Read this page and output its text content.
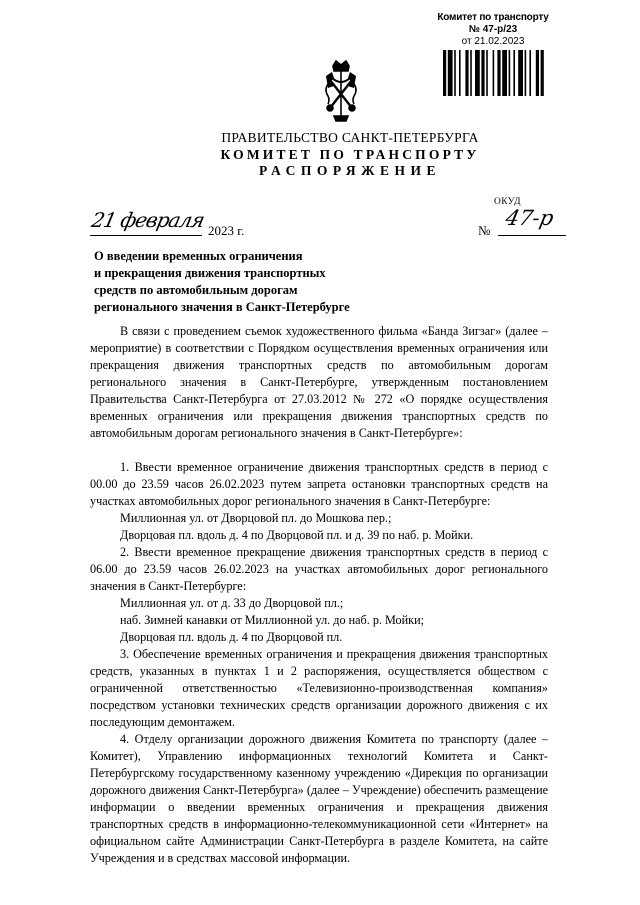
Комитет по транспорту
№ 47-р/23
от 21.02.2023
ПРАВИТЕЛЬСТВО САНКТ-ПЕТЕРБУРГА
КОМИТЕТ ПО ТРАНСПОРТУ
РАСПОРЯЖЕНИЕ
ОКУД
21 февраля 2023 г.	№
47-р
О введении временных ограничения
и прекращения движения транспортных
средств по автомобильным дорогам
регионального значения в Санкт-Петербурге

В связи с проведением съемок художественного фильма «Банда Зигзаг» (далее – мероприятие) в соответствии с Порядком осуществления временных ограничения или прекращения движения транспортных средств по автомобильным дорогам регионального значения в Санкт-Петербурге, утвержденным постановлением Правительства Санкт-Петербурга от 27.03.2012 № 272 «О порядке осуществления временных ограничения или прекращения движения транспортных средств по автомобильным дорогам регионального значения в Санкт-Петербурге»:

1. Ввести временное ограничение движения транспортных средств в период с 00.00 до 23.59 часов 26.02.2023 путем запрета остановки транспортных средств на участках автомобильных дорог регионального значения в Санкт-Петербурге:

Миллионная ул. от Дворцовой пл. до Мошкова пер.;

Дворцовая пл. вдоль д. 4 по Дворцовой пл. и д. 39 по наб. р. Мойки.

2. Ввести временное прекращение движения транспортных средств в период с 06.00 до 23.59 часов 26.02.2023 на участках автомобильных дорог регионального значения в Санкт-Петербурге:

Миллионная ул. от д. 33 до Дворцовой пл.;

наб. Зимней канавки от Миллионной ул. до наб. р. Мойки;

Дворцовая пл. вдоль д. 4 по Дворцовой пл.

3. Обеспечение временных ограничения и прекращения движения транспортных средств, указанных в пунктах 1 и 2 распоряжения, осуществляется обществом с ограниченной ответственностью «Телевизионно-производственная компания» посредством установки технических средств организации дорожного движения с их последующим демонтажем.

4. Отделу организации дорожного движения Комитета по транспорту (далее – Комитет), Управлению информационных технологий Комитета и Санкт-Петербургскому государственному казенному учреждению «Дирекция по организации дорожного движения Санкт-Петербурга» (далее – Учреждение) обеспечить размещение информации о введении временных ограничения и прекращения движения транспортных средств в информационно-телекоммуникационной сети «Интернет» на официальном сайте Администрации Санкт-Петербурга в разделе Комитета, на сайте Учреждения и в средствах массовой информации.
